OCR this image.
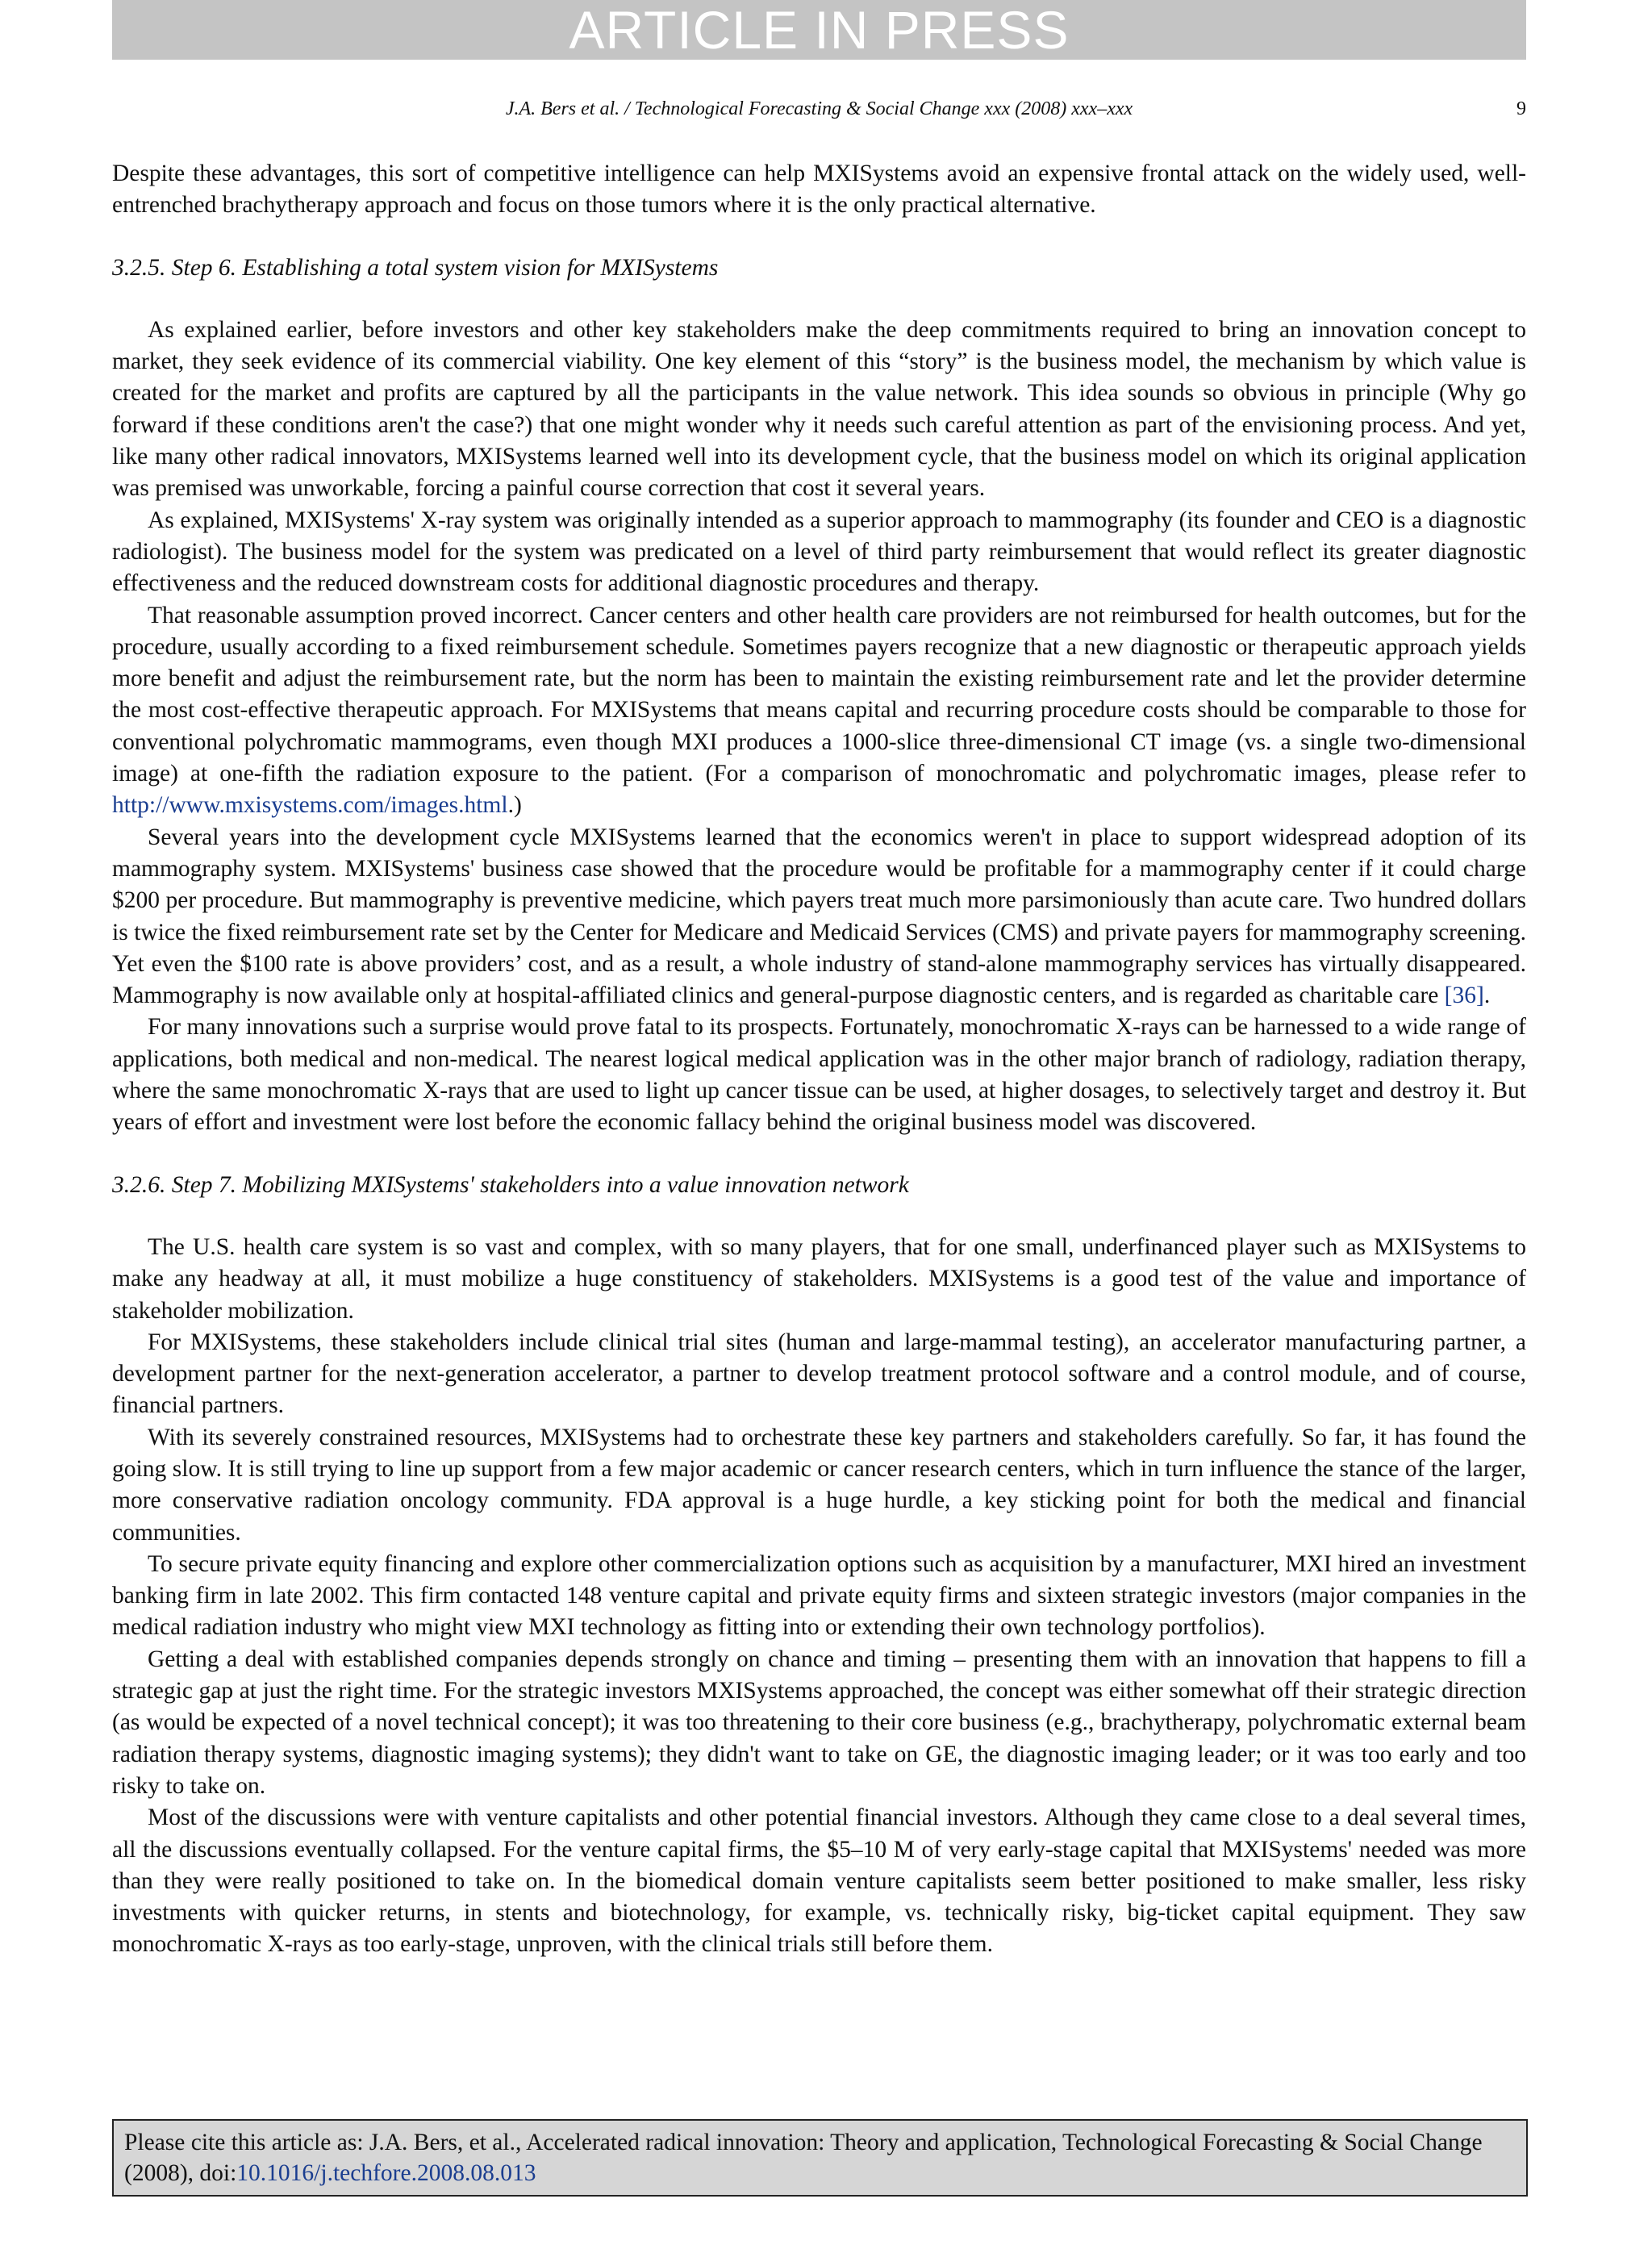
ARTICLE IN PRESS
J.A. Bers et al. / Technological Forecasting & Social Change xxx (2008) xxx–xxx	9

Despite these advantages, this sort of competitive intelligence can help MXISystems avoid an expensive frontal attack on the widely used, well-entrenched brachytherapy approach and focus on those tumors where it is the only practical alternative.

3.2.5. Step 6. Establishing a total system vision for MXISystems

As explained earlier, before investors and other key stakeholders make the deep commitments required to bring an innovation concept to market, they seek evidence of its commercial viability. One key element of this “story” is the business model, the mechanism by which value is created for the market and profits are captured by all the participants in the value network. This idea sounds so obvious in principle (Why go forward if these conditions aren't the case?) that one might wonder why it needs such careful attention as part of the envisioning process. And yet, like many other radical innovators, MXISystems learned well into its development cycle, that the business model on which its original application was premised was unworkable, forcing a painful course correction that cost it several years.

As explained, MXISystems' X-ray system was originally intended as a superior approach to mammography (its founder and CEO is a diagnostic radiologist). The business model for the system was predicated on a level of third party reimbursement that would reflect its greater diagnostic effectiveness and the reduced downstream costs for additional diagnostic procedures and therapy.

That reasonable assumption proved incorrect. Cancer centers and other health care providers are not reimbursed for health outcomes, but for the procedure, usually according to a fixed reimbursement schedule. Sometimes payers recognize that a new diagnostic or therapeutic approach yields more benefit and adjust the reimbursement rate, but the norm has been to maintain the existing reimbursement rate and let the provider determine the most cost-effective therapeutic approach. For MXISystems that means capital and recurring procedure costs should be comparable to those for conventional polychromatic mammograms, even though MXI produces a 1000-slice three-dimensional CT image (vs. a single two-dimensional image) at one-fifth the radiation exposure to the patient. (For a comparison of monochromatic and polychromatic images, please refer to http://www.mxisystems.com/images.html.)

Several years into the development cycle MXISystems learned that the economics weren't in place to support widespread adoption of its mammography system. MXISystems' business case showed that the procedure would be profitable for a mammography center if it could charge $200 per procedure. But mammography is preventive medicine, which payers treat much more parsimoniously than acute care. Two hundred dollars is twice the fixed reimbursement rate set by the Center for Medicare and Medicaid Services (CMS) and private payers for mammography screening. Yet even the $100 rate is above providers’ cost, and as a result, a whole industry of stand-alone mammography services has virtually disappeared. Mammography is now available only at hospital-affiliated clinics and general-purpose diagnostic centers, and is regarded as charitable care [36].

For many innovations such a surprise would prove fatal to its prospects. Fortunately, monochromatic X-rays can be harnessed to a wide range of applications, both medical and non-medical. The nearest logical medical application was in the other major branch of radiology, radiation therapy, where the same monochromatic X-rays that are used to light up cancer tissue can be used, at higher dosages, to selectively target and destroy it. But years of effort and investment were lost before the economic fallacy behind the original business model was discovered.

3.2.6. Step 7. Mobilizing MXISystems' stakeholders into a value innovation network

The U.S. health care system is so vast and complex, with so many players, that for one small, underfinanced player such as MXISystems to make any headway at all, it must mobilize a huge constituency of stakeholders. MXISystems is a good test of the value and importance of stakeholder mobilization.

For MXISystems, these stakeholders include clinical trial sites (human and large-mammal testing), an accelerator manufacturing partner, a development partner for the next-generation accelerator, a partner to develop treatment protocol software and a control module, and of course, financial partners.

With its severely constrained resources, MXISystems had to orchestrate these key partners and stakeholders carefully. So far, it has found the going slow. It is still trying to line up support from a few major academic or cancer research centers, which in turn influence the stance of the larger, more conservative radiation oncology community. FDA approval is a huge hurdle, a key sticking point for both the medical and financial communities.

To secure private equity financing and explore other commercialization options such as acquisition by a manufacturer, MXI hired an investment banking firm in late 2002. This firm contacted 148 venture capital and private equity firms and sixteen strategic investors (major companies in the medical radiation industry who might view MXI technology as fitting into or extending their own technology portfolios).

Getting a deal with established companies depends strongly on chance and timing – presenting them with an innovation that happens to fill a strategic gap at just the right time. For the strategic investors MXISystems approached, the concept was either somewhat off their strategic direction (as would be expected of a novel technical concept); it was too threatening to their core business (e.g., brachytherapy, polychromatic external beam radiation therapy systems, diagnostic imaging systems); they didn't want to take on GE, the diagnostic imaging leader; or it was too early and too risky to take on.

Most of the discussions were with venture capitalists and other potential financial investors. Although they came close to a deal several times, all the discussions eventually collapsed. For the venture capital firms, the $5–10 M of very early-stage capital that MXISystems' needed was more than they were really positioned to take on. In the biomedical domain venture capitalists seem better positioned to make smaller, less risky investments with quicker returns, in stents and biotechnology, for example, vs. technically risky, big-ticket capital equipment. They saw monochromatic X-rays as too early-stage, unproven, with the clinical trials still before them.

Please cite this article as: J.A. Bers, et al., Accelerated radical innovation: Theory and application, Technological Forecasting & Social Change (2008), doi:10.1016/j.techfore.2008.08.013
